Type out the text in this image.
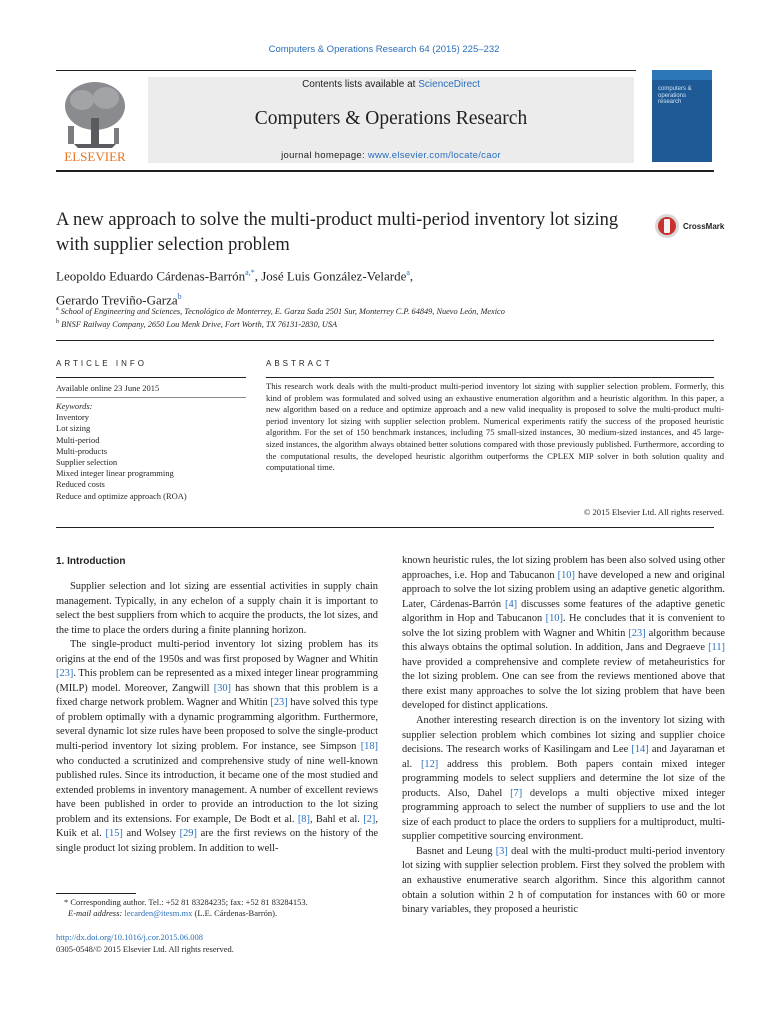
Computers & Operations Research 64 (2015) 225–232
ELSEVIER
Contents lists available at ScienceDirect
Computers & Operations Research
journal homepage: www.elsevier.com/locate/caor
computers & operations research
A new approach to solve the multi-product multi-period inventory lot sizing with supplier selection problem
CrossMark
Leopoldo Eduardo Cárdenas-Barrón$^{a,*}$, José Luis González-Velarde$^a$,
Gerardo Treviño-Garza$^b$
$^a$ School of Engineering and Sciences, Tecnológico de Monterrey, E. Garza Sada 2501 Sur, Monterrey C.P. 64849, Nuevo León, Mexico
$^b$ BNSF Railway Company, 2650 Lou Menk Drive, Fort Worth, TX 76131-2830, USA
ARTICLE INFO	ABSTRACT
Available online 23 June 2015
Keywords:
Inventory
Lot sizing
Multi-period
Multi-products
Supplier selection
Mixed integer linear programming
Reduced costs
Reduce and optimize approach (ROA)
This research work deals with the multi-product multi-period inventory lot sizing with supplier selection problem. Formerly, this kind of problem was formulated and solved using an exhaustive enumeration algorithm and a heuristic algorithm. In this paper, a new algorithm based on a reduce and optimize approach and a new valid inequality is proposed to solve the multi-product multi-period inventory lot sizing with supplier selection problem. Numerical experiments ratify the success of the proposed heuristic algorithm. For the set of 150 benchmark instances, including 75 small-sized instances, 30 medium-sized instances, and 45 large-sized instances, the algorithm always obtained better solutions compared with those previously published. Furthermore, according to the computational results, the developed heuristic algorithm outperforms the CPLEX MIP solver in both solution quality and computational time.
© 2015 Elsevier Ltd. All rights reserved.
1. Introduction

Supplier selection and lot sizing are essential activities in supply chain management. Typically, in any echelon of a supply chain it is important to select the best suppliers from which to acquire the products, the lot sizes, and the time to place the orders during a finite planning horizon.

The single-product multi-period inventory lot sizing problem has its origins at the end of the 1950s and was first proposed by Wagner and Whitin [23]. This problem can be represented as a mixed integer linear programming (MILP) model. Moreover, Zangwill [30] has shown that this problem is a fixed charge network problem. Wagner and Whitin [23] have solved this type of problem optimally with a dynamic programming algorithm. Furthermore, several dynamic lot size rules have been proposed to solve the single-product multi-period inventory lot sizing problem. For instance, see Simpson [18] who conducted a scrutinized and comprehensive study of nine well-known published rules. Since its introduction, it became one of the most studied and extended problems in inventory management. A number of excellent reviews have been published in order to provide an introduction to the lot sizing problem and its extensions. For example, De Bodt et al. [8], Bahl et al. [2], Kuik et al. [15] and Wolsey [29] are the first reviews on the history of the single product lot sizing problem. In addition to well-

known heuristic rules, the lot sizing problem has been also solved using other approaches, i.e. Hop and Tabucanon [10] have developed a new and original approach to solve the lot sizing problem using an adaptive genetic algorithm. Later, Cárdenas-Barrón [4] discusses some features of the adaptive genetic algorithm in Hop and Tabucanon [10]. He concludes that it is convenient to solve the lot sizing problem with Wagner and Whitin [23] algorithm because this always obtains the optimal solution. In addition, Jans and Degraeve [11] have provided a comprehensive and complete review of metaheuristics for the lot sizing problem. One can see from the reviews mentioned above that there exist many approaches to solve the lot sizing problem that have been developed for distinct applications.

Another interesting research direction is on the inventory lot sizing with supplier selection problem which combines lot sizing and supplier choice decisions. The research works of Kasilingam and Lee [14] and Jayaraman et al. [12] address this problem. Both papers contain mixed integer programming models to select suppliers and determine the lot size of the products. Also, Dahel [7] develops a multi objective mixed integer programming approach to select the number of suppliers to use and the lot size of each product to place the orders to suppliers for a multiproduct, multi-supplier competitive sourcing environment.

Basnet and Leung [3] deal with the multi-product multi-period inventory lot sizing with supplier selection problem. First they solved the problem with an exhaustive enumerative search algorithm. Since this algorithm cannot obtain a solution within 2 h of computation for instances with 60 or more binary variables, they proposed a heuristic

* Corresponding author. Tel.: +52 81 83284235; fax: +52 81 83284153.
E-mail address: lecarden@itesm.mx (L.E. Cárdenas-Barrón).
http://dx.doi.org/10.1016/j.cor.2015.06.008
0305-0548/© 2015 Elsevier Ltd. All rights reserved.
